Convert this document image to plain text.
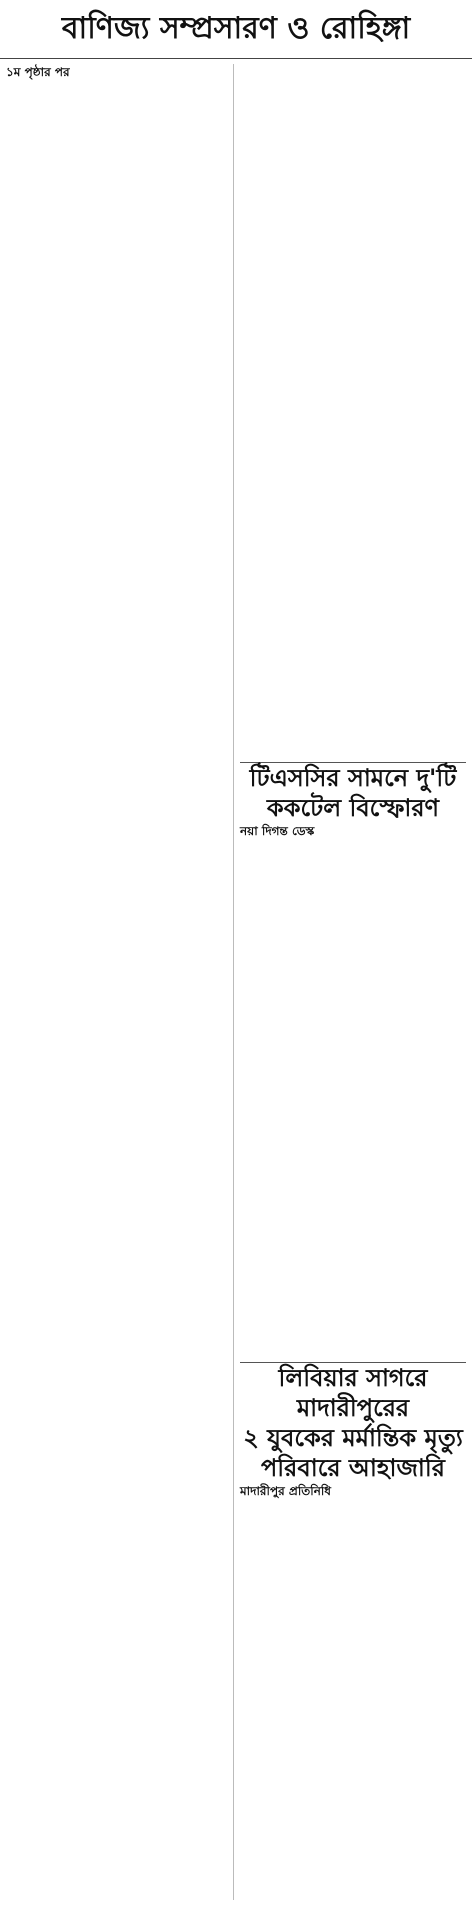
বাণিজ্য সম্প্রসারণ ও রোহিঙ্গা
১ম পৃষ্ঠার পর
টিএসসির সামনে দু'টি
ককটেল বিস্ফোরণ
নয়া দিগন্ত ডেস্ক
লিবিয়ার সাগরে মাদারীপুরের
২ যুবকের মর্মান্তিক মৃত্যু
পরিবারে আহাজারি
মাদারীপুর প্রতিনিধি
